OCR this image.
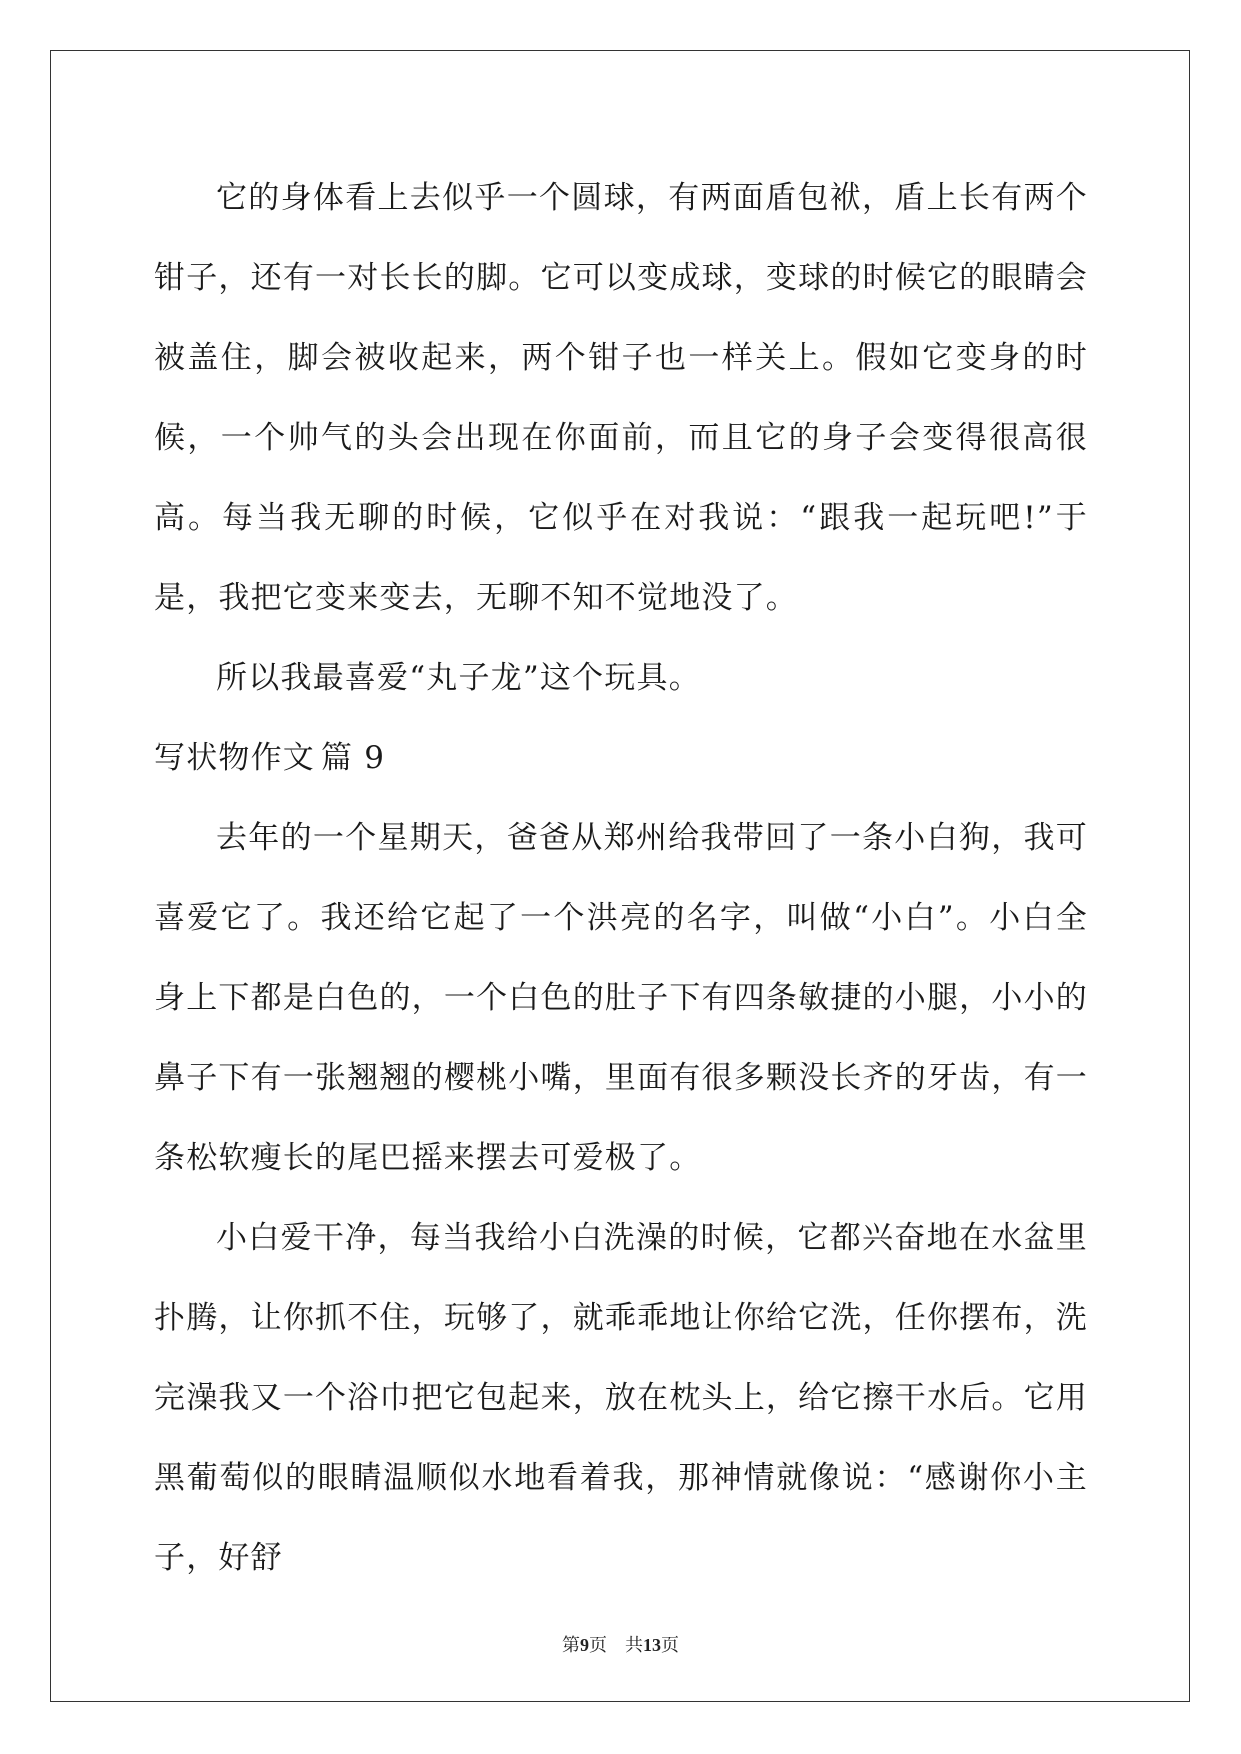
它的身体看上去似乎一个圆球，有两面盾包袱，盾上长有两个钳子，还有一对长长的脚。它可以变成球，变球的时候它的眼睛会被盖住，脚会被收起来，两个钳子也一样关上。假如它变身的时候，一个帅气的头会出现在你面前，而且它的身子会变得很高很高。每当我无聊的时候，它似乎在对我说：“跟我一起玩吧!”于是，我把它变来变去，无聊不知不觉地没了。

所以我最喜爱“丸子龙”这个玩具。

写状物作文 篇 9

去年的一个星期天，爸爸从郑州给我带回了一条小白狗，我可喜爱它了。我还给它起了一个洪亮的名字，叫做“小白”。小白全身上下都是白色的，一个白色的肚子下有四条敏捷的小腿，小小的鼻子下有一张翘翘的樱桃小嘴，里面有很多颗没长齐的牙齿，有一条松软瘦长的尾巴摇来摆去可爱极了。

小白爱干净，每当我给小白洗澡的时候，它都兴奋地在水盆里扑腾，让你抓不住，玩够了，就乖乖地让你给它洗，任你摆布，洗完澡我又一个浴巾把它包起来，放在枕头上，给它擦干水后。它用黑葡萄似的眼睛温顺似水地看着我，那神情就像说：“感谢你小主子，好舒

第9页 共13页
